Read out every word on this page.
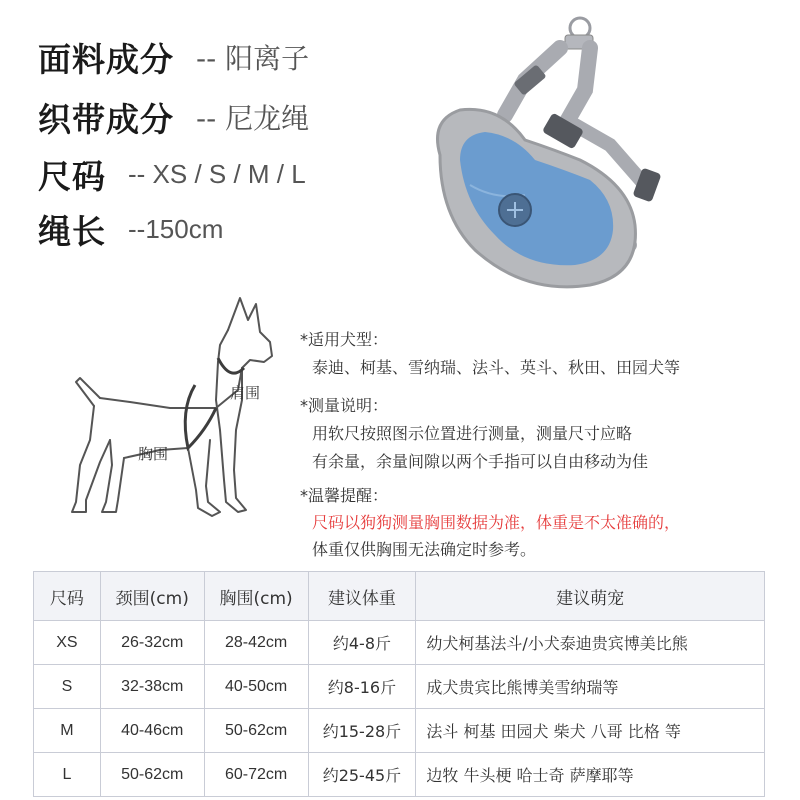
面料成分 -- 阳离子
织带成分 -- 尼龙绳
尺码 -- XS / S / M / L
绳长 --150cm
肩围
胸围
*适用犬型：
泰迪、柯基、雪纳瑞、法斗、英斗、秋田、田园犬等
*测量说明：
用软尺按照图示位置进行测量，测量尺寸应略
有余量，余量间隙以两个手指可以自由移动为佳
*温馨提醒：
尺码以狗狗测量胸围数据为准，体重是不太准确的，
体重仅供胸围无法确定时参考。
尺码	颈围(cm)	胸围(cm)	建议体重	建议萌宠
XS	26-32cm	28-42cm	约4-8斤	幼犬柯基法斗/小犬泰迪贵宾博美比熊
S	32-38cm	40-50cm	约8-16斤	成犬贵宾比熊博美雪纳瑞等
M	40-46cm	50-62cm	约15-28斤	法斗 柯基 田园犬 柴犬 八哥 比格 等
L	50-62cm	60-72cm	约25-45斤	边牧 牛头梗 哈士奇 萨摩耶等
